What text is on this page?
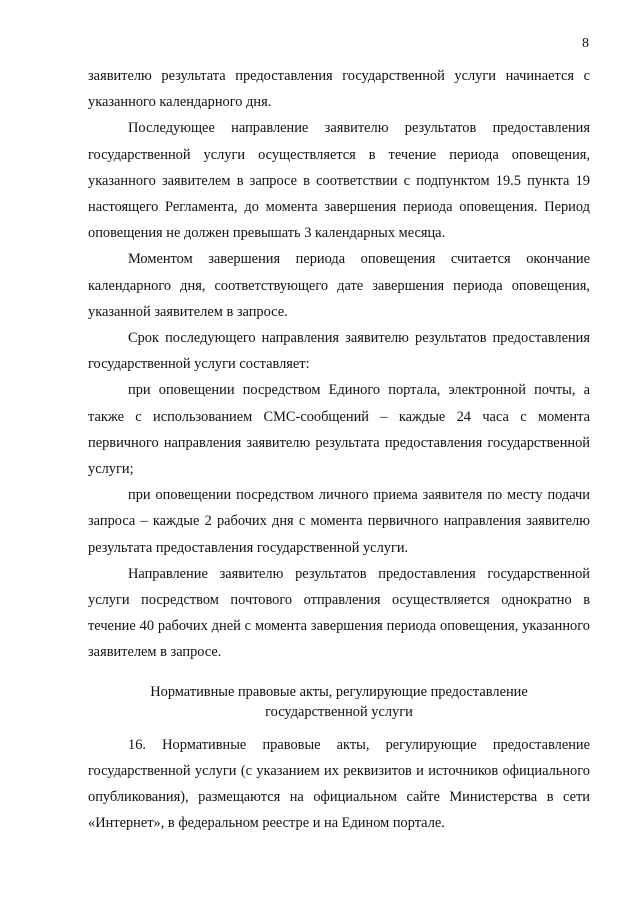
8

заявителю результата предоставления государственной услуги начинается с указанного календарного дня.

Последующее направление заявителю результатов предоставления государственной услуги осуществляется в течение периода оповещения, указанного заявителем в запросе в соответствии с подпунктом 19.5 пункта 19 настоящего Регламента, до момента завершения периода оповещения. Период оповещения не должен превышать 3 календарных месяца.

Моментом завершения периода оповещения считается окончание календарного дня, соответствующего дате завершения периода оповещения, указанной заявителем в запросе.

Срок последующего направления заявителю результатов предоставления государственной услуги составляет:

при оповещении посредством Единого портала, электронной почты, а также с использованием СМС-сообщений – каждые 24 часа с момента первичного направления заявителю результата предоставления государственной услуги;

при оповещении посредством личного приема заявителя по месту подачи запроса – каждые 2 рабочих дня с момента первичного направления заявителю результата предоставления государственной услуги.

Направление заявителю результатов предоставления государственной услуги посредством почтового отправления осуществляется однократно в течение 40 рабочих дней с момента завершения периода оповещения, указанного заявителем в запросе.

Нормативные правовые акты, регулирующие предоставление
государственной услуги

16. Нормативные правовые акты, регулирующие предоставление государственной услуги (с указанием их реквизитов и источников официального опубликования), размещаются на официальном сайте Министерства в сети «Интернет», в федеральном реестре и на Едином портале.
